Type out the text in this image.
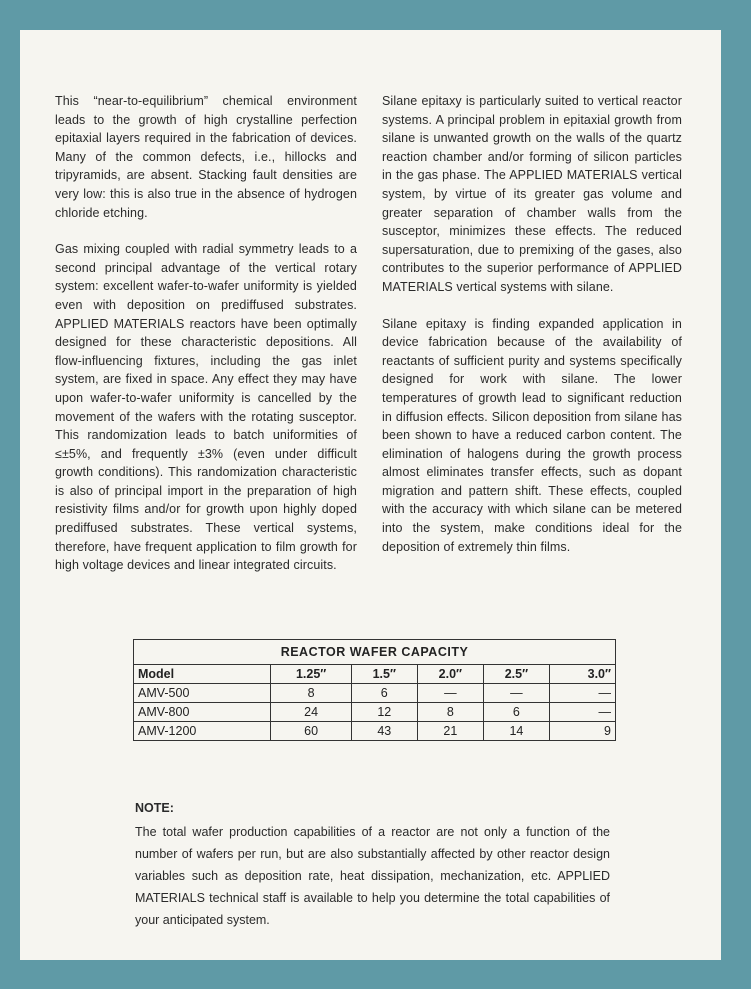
This “near-to-equilibrium” chemical environment leads to the growth of high crystalline perfection epitaxial layers required in the fabrication of devices. Many of the common defects, i.e., hillocks and tripyramids, are absent. Stacking fault densities are very low: this is also true in the absence of hydrogen chloride etching.

Gas mixing coupled with radial symmetry leads to a second principal advantage of the vertical rotary system: excellent wafer-to-wafer uniformity is yielded even with deposition on prediffused substrates. APPLIED MATERIALS reactors have been optimally designed for these characteristic depositions. All flow-influencing fixtures, including the gas inlet system, are fixed in space. Any effect they may have upon wafer-to-wafer uniformity is cancelled by the movement of the wafers with the rotating susceptor. This randomization leads to batch uniformities of ≤±5%, and frequently ±3% (even under difficult growth conditions). This randomization characteristic is also of principal import in the preparation of high resistivity films and/or for growth upon highly doped prediffused substrates. These vertical systems, therefore, have frequent application to film growth for high voltage devices and linear integrated circuits.

Silane epitaxy is particularly suited to vertical reactor systems. A principal problem in epitaxial growth from silane is unwanted growth on the walls of the quartz reaction chamber and/or forming of silicon particles in the gas phase. The APPLIED MATERIALS vertical system, by virtue of its greater gas volume and greater separation of chamber walls from the susceptor, minimizes these effects. The reduced supersaturation, due to premixing of the gases, also contributes to the superior performance of APPLIED MATERIALS vertical systems with silane.

Silane epitaxy is finding expanded application in device fabrication because of the availability of reactants of sufficient purity and systems specifically designed for work with silane. The lower temperatures of growth lead to significant reduction in diffusion effects. Silicon deposition from silane has been shown to have a reduced carbon content. The elimination of halogens during the growth process almost eliminates transfer effects, such as dopant migration and pattern shift. These effects, coupled with the accuracy with which silane can be metered into the system, make conditions ideal for the deposition of extremely thin films.

REACTOR WAFER CAPACITY					
Model	1.25″	1.5″	2.0″	2.5″	3.0″
AMV-500	8	6	—	—	—
AMV-800	24	12	8	6	—
AMV-1200	60	43	21	14	9
NOTE:
The total wafer production capabilities of a reactor are not only a function of the number of wafers per run, but are also substantially affected by other reactor design variables such as deposition rate, heat dissipation, mechanization, etc. APPLIED MATERIALS technical staff is available to help you determine the total capabilities of your anticipated system.
